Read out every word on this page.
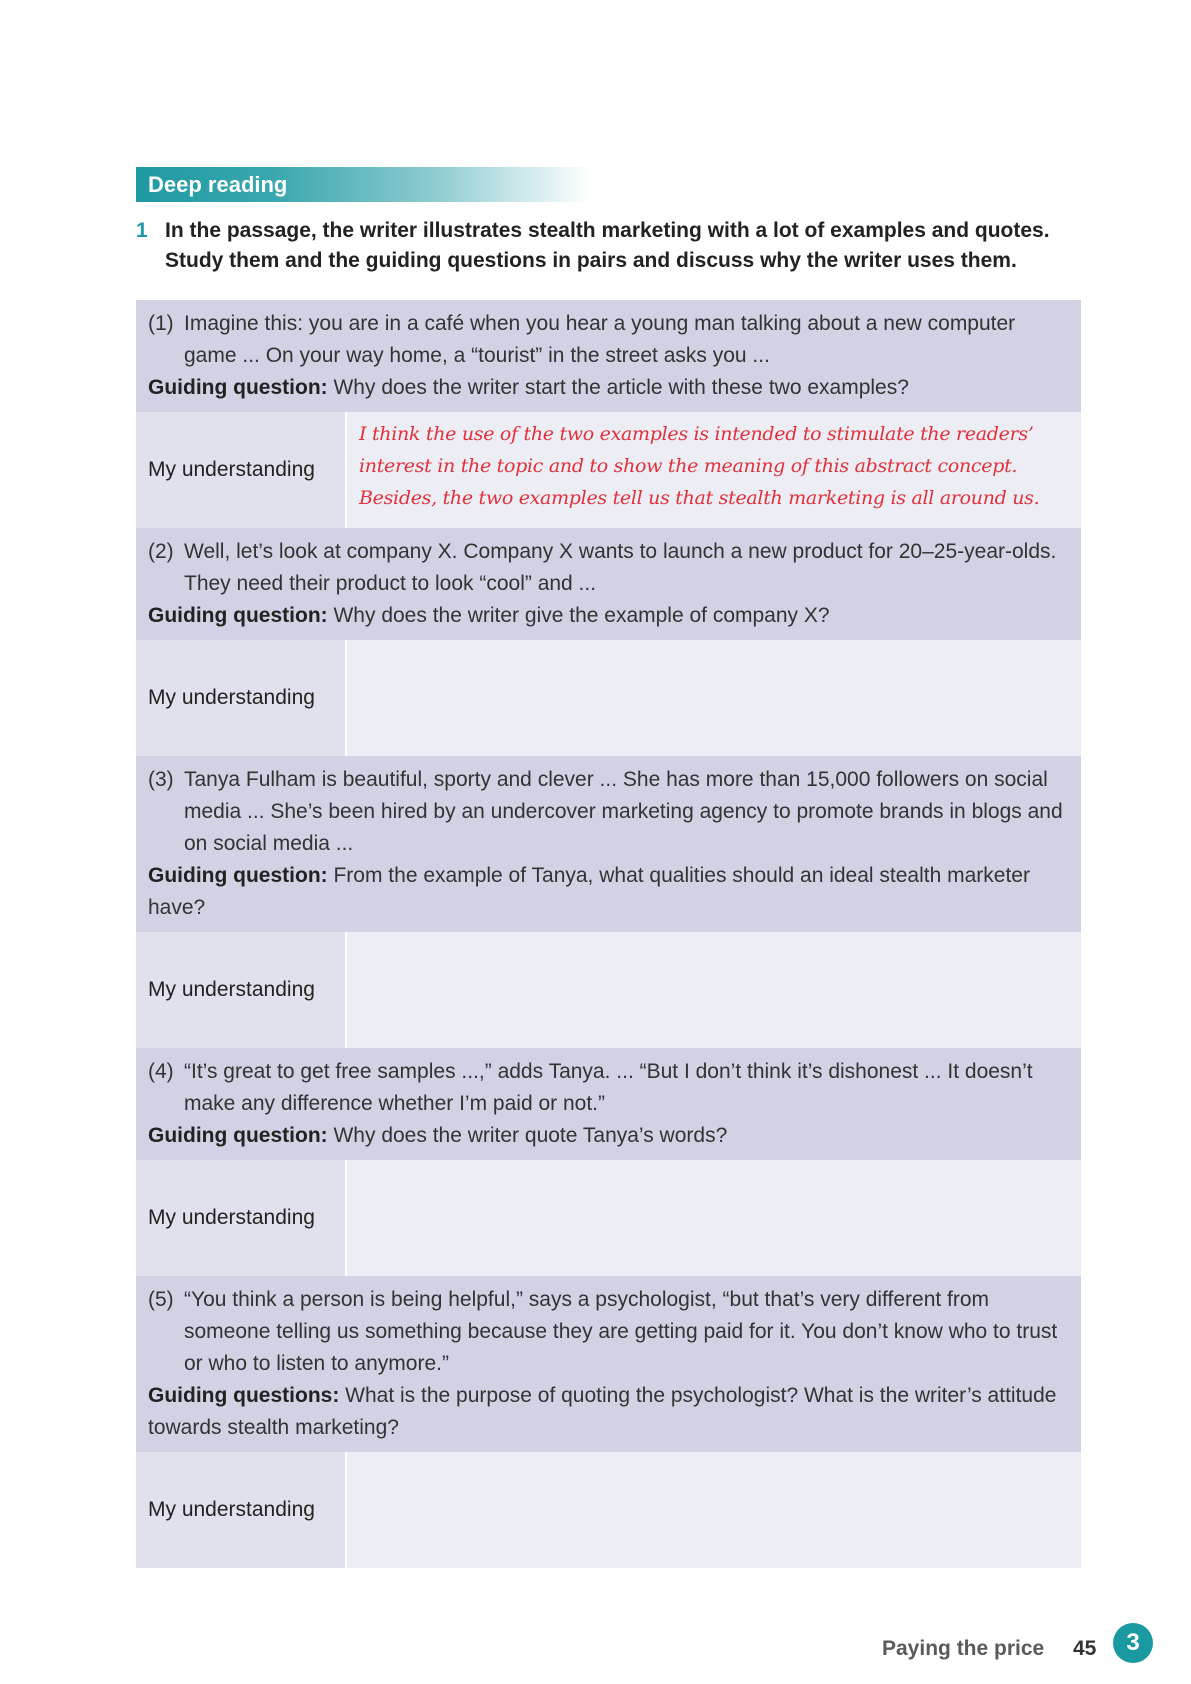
Deep reading
1 In the passage, the writer illustrates stealth marketing with a lot of examples and quotes. Study them and the guiding questions in pairs and discuss why the writer uses them.
(1) Imagine this: you are in a café when you hear a young man talking about a new computer game ... On your way home, a “tourist” in the street asks you ...

Guiding question: Why does the writer start the article with these two examples?

My understanding
I think the use of the two examples is intended to stimulate the readers’ interest in the topic and to show the meaning of this abstract concept. Besides, the two examples tell us that stealth marketing is all around us.
(2) Well, let’s look at company X. Company X wants to launch a new product for 20–25-year-olds. They need their product to look “cool” and ...

Guiding question: Why does the writer give the example of company X?

My understanding
(3) Tanya Fulham is beautiful, sporty and clever ... She has more than 15,000 followers on social media ... She’s been hired by an undercover marketing agency to promote brands in blogs and on social media ...

Guiding question: From the example of Tanya, what qualities should an ideal stealth marketer have?

My understanding
(4) “It’s great to get free samples ...,” adds Tanya. ... “But I don’t think it’s dishonest ... It doesn’t make any difference whether I’m paid or not.”

Guiding question: Why does the writer quote Tanya’s words?

My understanding
(5) “You think a person is being helpful,” says a psychologist, “but that’s very different from someone telling us something because they are getting paid for it. You don’t know who to trust or who to listen to anymore.”

Guiding questions: What is the purpose of quoting the psychologist? What is the writer’s attitude towards stealth marketing?

My understanding
Paying the price 45	3
